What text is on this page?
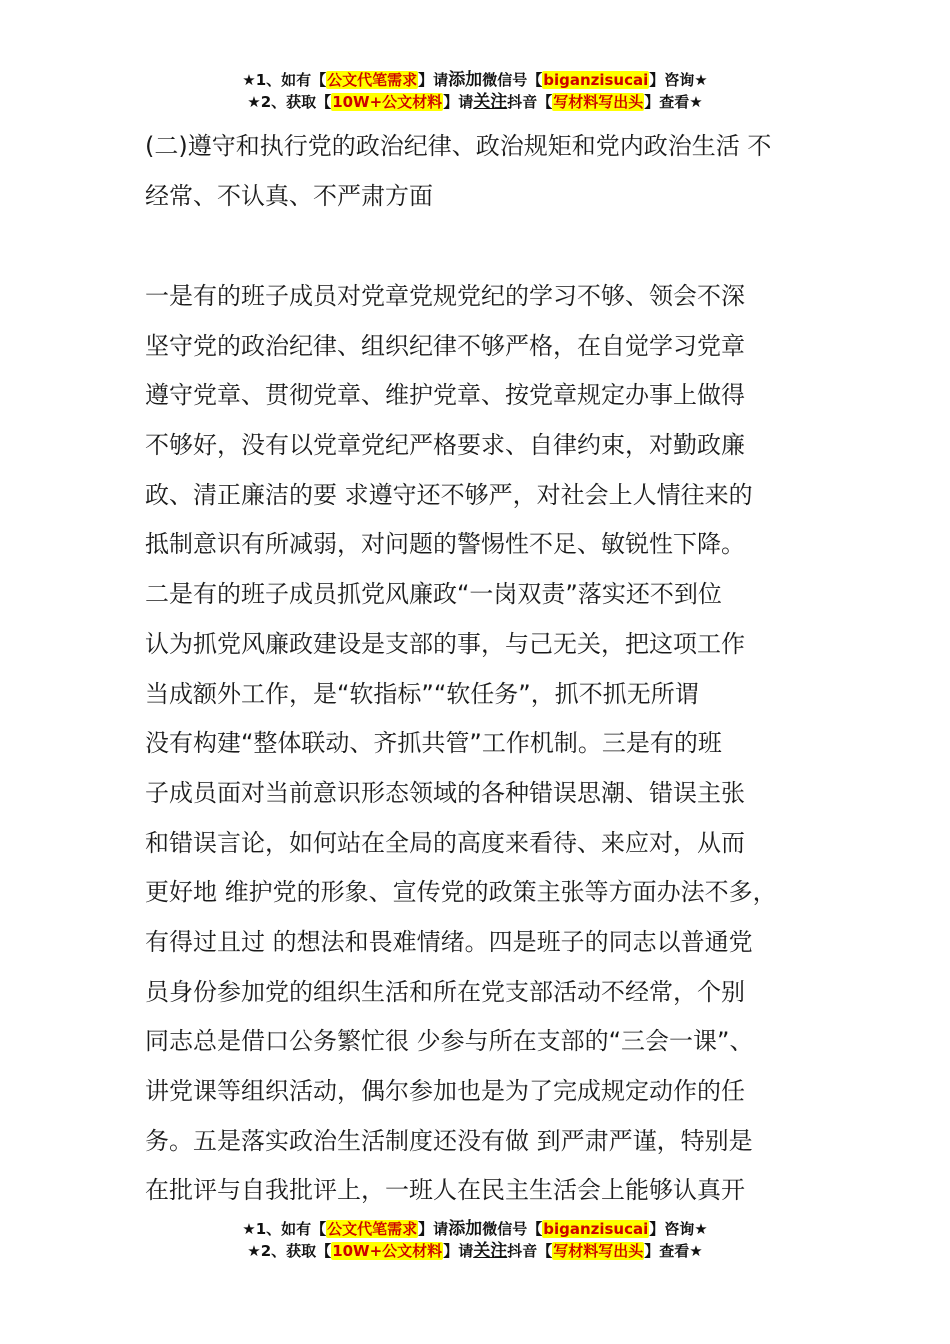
★1、如有【公文代笔需求】请添加微信号【biganzisucai】咨询★
★2、获取【10W+公文材料】请关注抖音【写材料写出头】查看★
(二)遵守和执行党的政治纪律、政治规矩和党内政治生活 不
经常、不认真、不严肃方面
一是有的班子成员对党章党规党纪的学习不够、领会不深
坚守党的政治纪律、组织纪律不够严格，在自觉学习党章
遵守党章、贯彻党章、维护党章、按党章规定办事上做得
不够好，没有以党章党纪严格要求、自律约束，对勤政廉
政、清正廉洁的要 求遵守还不够严，对社会上人情往来的
抵制意识有所减弱，对问题的警惕性不足、敏锐性下降。
二是有的班子成员抓党风廉政“一岗双责”落实还不到位
认为抓党风廉政建设是支部的事，与己无关，把这项工作
当成额外工作，是“软指标”“软任务”，抓不抓无所谓
没有构建“整体联动、齐抓共管”工作机制。三是有的班
子成员面对当前意识形态领域的各种错误思潮、错误主张
和错误言论，如何站在全局的高度来看待、来应对，从而
更好地 维护党的形象、宣传党的政策主张等方面办法不多，
有得过且过 的想法和畏难情绪。四是班子的同志以普通党
员身份参加党的组织生活和所在党支部活动不经常，个别
同志总是借口公务繁忙很 少参与所在支部的“三会一课”、
讲党课等组织活动，偶尔参加也是为了完成规定动作的任
务。五是落实政治生活制度还没有做 到严肃严谨，特别是
在批评与自我批评上，一班人在民主生活会上能够认真开
★1、如有【公文代笔需求】请添加微信号【biganzisucai】咨询★
★2、获取【10W+公文材料】请关注抖音【写材料写出头】查看★
